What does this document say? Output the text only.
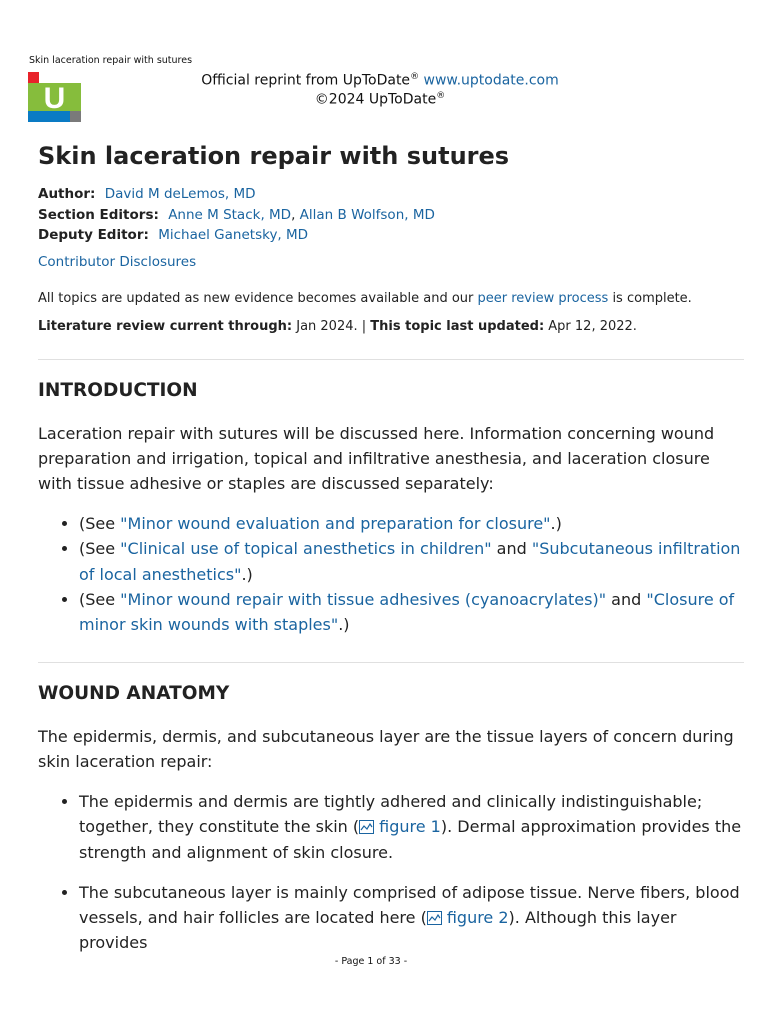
Skin laceration repair with sutures
U
Official reprint from UpToDate® www.uptodate.com
©2024 UpToDate®
Skin laceration repair with sutures
Author: David M deLemos, MD
Section Editors: Anne M Stack, MD, Allan B Wolfson, MD
Deputy Editor: Michael Ganetsky, MD
Contributor Disclosures
All topics are updated as new evidence becomes available and our peer review process is complete.
Literature review current through: Jan 2024. | This topic last updated: Apr 12, 2022.
INTRODUCTION

Laceration repair with sutures will be discussed here. Information concerning wound preparation and irrigation, topical and infiltrative anesthesia, and laceration closure with tissue adhesive or staples are discussed separately:

• (See "Minor wound evaluation and preparation for closure".)
• (See "Clinical use of topical anesthetics in children" and "Subcutaneous infiltration of local anesthetics".)
• (See "Minor wound repair with tissue adhesives (cyanoacrylates)" and "Closure of minor skin wounds with staples".)
WOUND ANATOMY

The epidermis, dermis, and subcutaneous layer are the tissue layers of concern during skin laceration repair:

• The epidermis and dermis are tightly adhered and clinically indistinguishable; together, they constitute the skin ( figure 1). Dermal approximation provides the strength and alignment of skin closure.
• The subcutaneous layer is mainly comprised of adipose tissue. Nerve fibers, blood vessels, and hair follicles are located here ( figure 2). Although this layer provides
- Page 1 of 33 -
